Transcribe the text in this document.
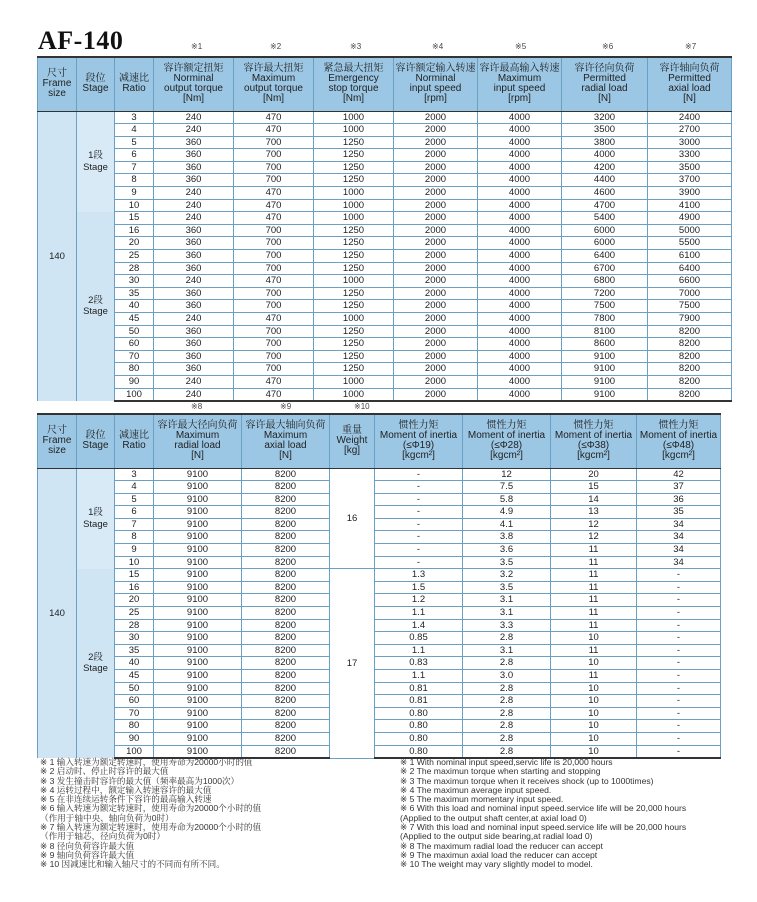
AF-140	※1	※2	※3	※4	※5	※6	※7
尺寸
Frame
size	段位
Stage	减速比
Ratio	容许额定扭矩
Norminal
output torque
[Nm]	容许最大扭矩
Maximum
output torque
[Nm]	紧急最大扭矩
Emergency
stop torque
[Nm]	容许额定输入转速
Norminal
input speed
[rpm]	容许最高输入转速
Maximum
input speed
[rpm]	容许径向负荷
Permitted
radial load
[N]	容许轴向负荷
Permitted
axial load
[N]

140	1段
Stage	3	240	470	1000	2000	4000	3200	2400
		4	240	470	1000	2000	4000	3500	2700
		5	360	700	1250	2000	4000	3800	3000
		6	360	700	1250	2000	4000	4000	3300
		7	360	700	1250	2000	4000	4200	3500
		8	360	700	1250	2000	4000	4400	3700
		9	240	470	1000	2000	4000	4600	3900
		10	240	470	1000	2000	4000	4700	4100

	2段
Stage	15	240	470	1000	2000	4000	5400	4900
		16	360	700	1250	2000	4000	6000	5000
		20	360	700	1250	2000	4000	6000	5500
		25	360	700	1250	2000	4000	6400	6100
		28	360	700	1250	2000	4000	6700	6400
		30	240	470	1000	2000	4000	6800	6600
		35	360	700	1250	2000	4000	7200	7000
		40	360	700	1250	2000	4000	7500	7500
		45	240	470	1000	2000	4000	7800	7900
		50	360	700	1250	2000	4000	8100	8200
		60	360	700	1250	2000	4000	8600	8200
		70	360	700	1250	2000	4000	9100	8200
		80	360	700	1250	2000	4000	9100	8200
		90	240	470	1000	2000	4000	9100	8200
		100	240	470	1000	2000	4000	9100	8200
※8	※9	※10
尺寸
Frame
size	段位
Stage	减速比
Ratio	容许最大径向负荷
Maximum
radial load
[N]	容许最大轴向负荷
Maximum
axial load
[N]	重量
Weight
[kg]	惯性力矩
Moment of inertia
(≤Φ19)
[kgcm²]	惯性力矩
Moment of inertia
(≤Φ28)
[kgcm²]	惯性力矩
Moment of inertia
(≤Φ38)
[kgcm²]	惯性力矩
Moment of inertia
(≤Φ48)
[kgcm²]

140	1段
Stage	3	9100	8200	16	-	12	20	42
		4	9100	8200		-	7.5	15	37
		5	9100	8200		-	5.8	14	36
		6	9100	8200		-	4.9	13	35
		7	9100	8200		-	4.1	12	34
		8	9100	8200		-	3.8	12	34
		9	9100	8200		-	3.6	11	34
		10	9100	8200		-	3.5	11	34

	2段
Stage	15	9100	8200	17	1.3	3.2	11	-
		16	9100	8200		1.5	3.5	11	-
		20	9100	8200		1.2	3.1	11	-
		25	9100	8200		1.1	3.1	11	-
		28	9100	8200		1.4	3.3	11	-
		30	9100	8200		0.85	2.8	10	-
		35	9100	8200		1.1	3.1	11	-
		40	9100	8200		0.83	2.8	10	-
		45	9100	8200		1.1	3.0	11	-
		50	9100	8200		0.81	2.8	10	-
		60	9100	8200		0.81	2.8	10	-
		70	9100	8200		0.80	2.8	10	-
		80	9100	8200		0.80	2.8	10	-
		90	9100	8200		0.80	2.8	10	-
		100	9100	8200		0.80	2.8	10	-
※ 1 输入转速为额定转速时，使用寿命为20000小时的值
※ 2 启动时、停止时容许的最大值
※ 3 发生撞击时容许的最大值（频率最高为1000次）
※ 4 运转过程中，额定输入转速容许的最大值
※ 5 在非连续运转条件下容许的最高输入转速
※ 6 输入转速为额定转速时，使用寿命为20000个小时的值
（作用于轴中央、轴向负荷为0时）
※ 7 输入转速为额定转速时，使用寿命为20000个小时的值
（作用于轴芯，径向负荷为0时）
※ 8 径向负荷容许最大值
※ 9 轴向负荷容许最大值
※ 10 因减速比和输入轴尺寸的不同而有所不同。
※ 1 With nominal input speed,servic life is 20,000 hours
※ 2 The maximun torque when starting and stopping
※ 3 The maximun torque when it receives shock (up to 1000times)
※ 4 The maximun average input speed.
※ 5 The maximun momentary input speed.
※ 6 With this load and nominal input speed.service life will be 20,000 hours
(Applied to the output shaft center,at axial load 0)
※ 7 With this load and nominal input speed.service life will be 20,000 hours
(Applied to the output side bearing,at radial load 0)
※ 8 The maximum radial load the reducer can accept
※ 9 The maximun axial load the reducer can accept
※ 10 The weight may vary slightly model to model.
